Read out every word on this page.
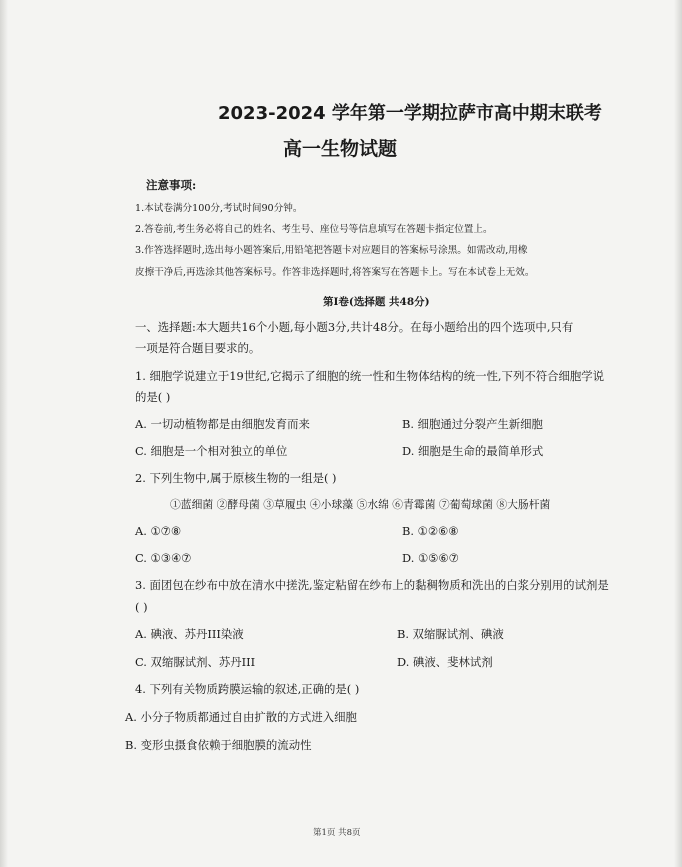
2023-2024 学年第一学期拉萨市高中期末联考
高一生物试题
注意事项:
1.本试卷满分100分,考试时间90分钟。
2.答卷前,考生务必将自己的姓名、考生号、座位号等信息填写在答题卡指定位置上。
3.作答选择题时,选出每小题答案后,用铅笔把答题卡对应题目的答案标号涂黑。如需改动,用橡
皮擦干净后,再选涂其他答案标号。作答非选择题时,将答案写在答题卡上。写在本试卷上无效。
第I卷(选择题 共48分)
一、选择题:本大题共16个小题,每小题3分,共计48分。在每小题给出的四个选项中,只有
一项是符合题目要求的。
1. 细胞学说建立于19世纪,它揭示了细胞的统一性和生物体结构的统一性,下列不符合细胞学说
的是( )
A. 一切动植物都是由细胞发育而来	B. 细胞通过分裂产生新细胞
C. 细胞是一个相对独立的单位	D. 细胞是生命的最简单形式
2. 下列生物中,属于原核生物的一组是( )
①蓝细菌 ②酵母菌 ③草履虫 ④小球藻 ⑤水绵 ⑥青霉菌 ⑦葡萄球菌 ⑧大肠杆菌
A. ①⑦⑧	B. ①②⑥⑧
C. ①③④⑦	D. ①⑤⑥⑦
3. 面团包在纱布中放在清水中搓洗,鉴定粘留在纱布上的黏稠物质和洗出的白浆分别用的试剂是
( )
A. 碘液、苏丹III染液	B. 双缩脲试剂、碘液
C. 双缩脲试剂、苏丹III	D. 碘液、斐林试剂
4. 下列有关物质跨膜运输的叙述,正确的是( )
A. 小分子物质都通过自由扩散的方式进入细胞
B. 变形虫摄食依赖于细胞膜的流动性
第1页 共8页
